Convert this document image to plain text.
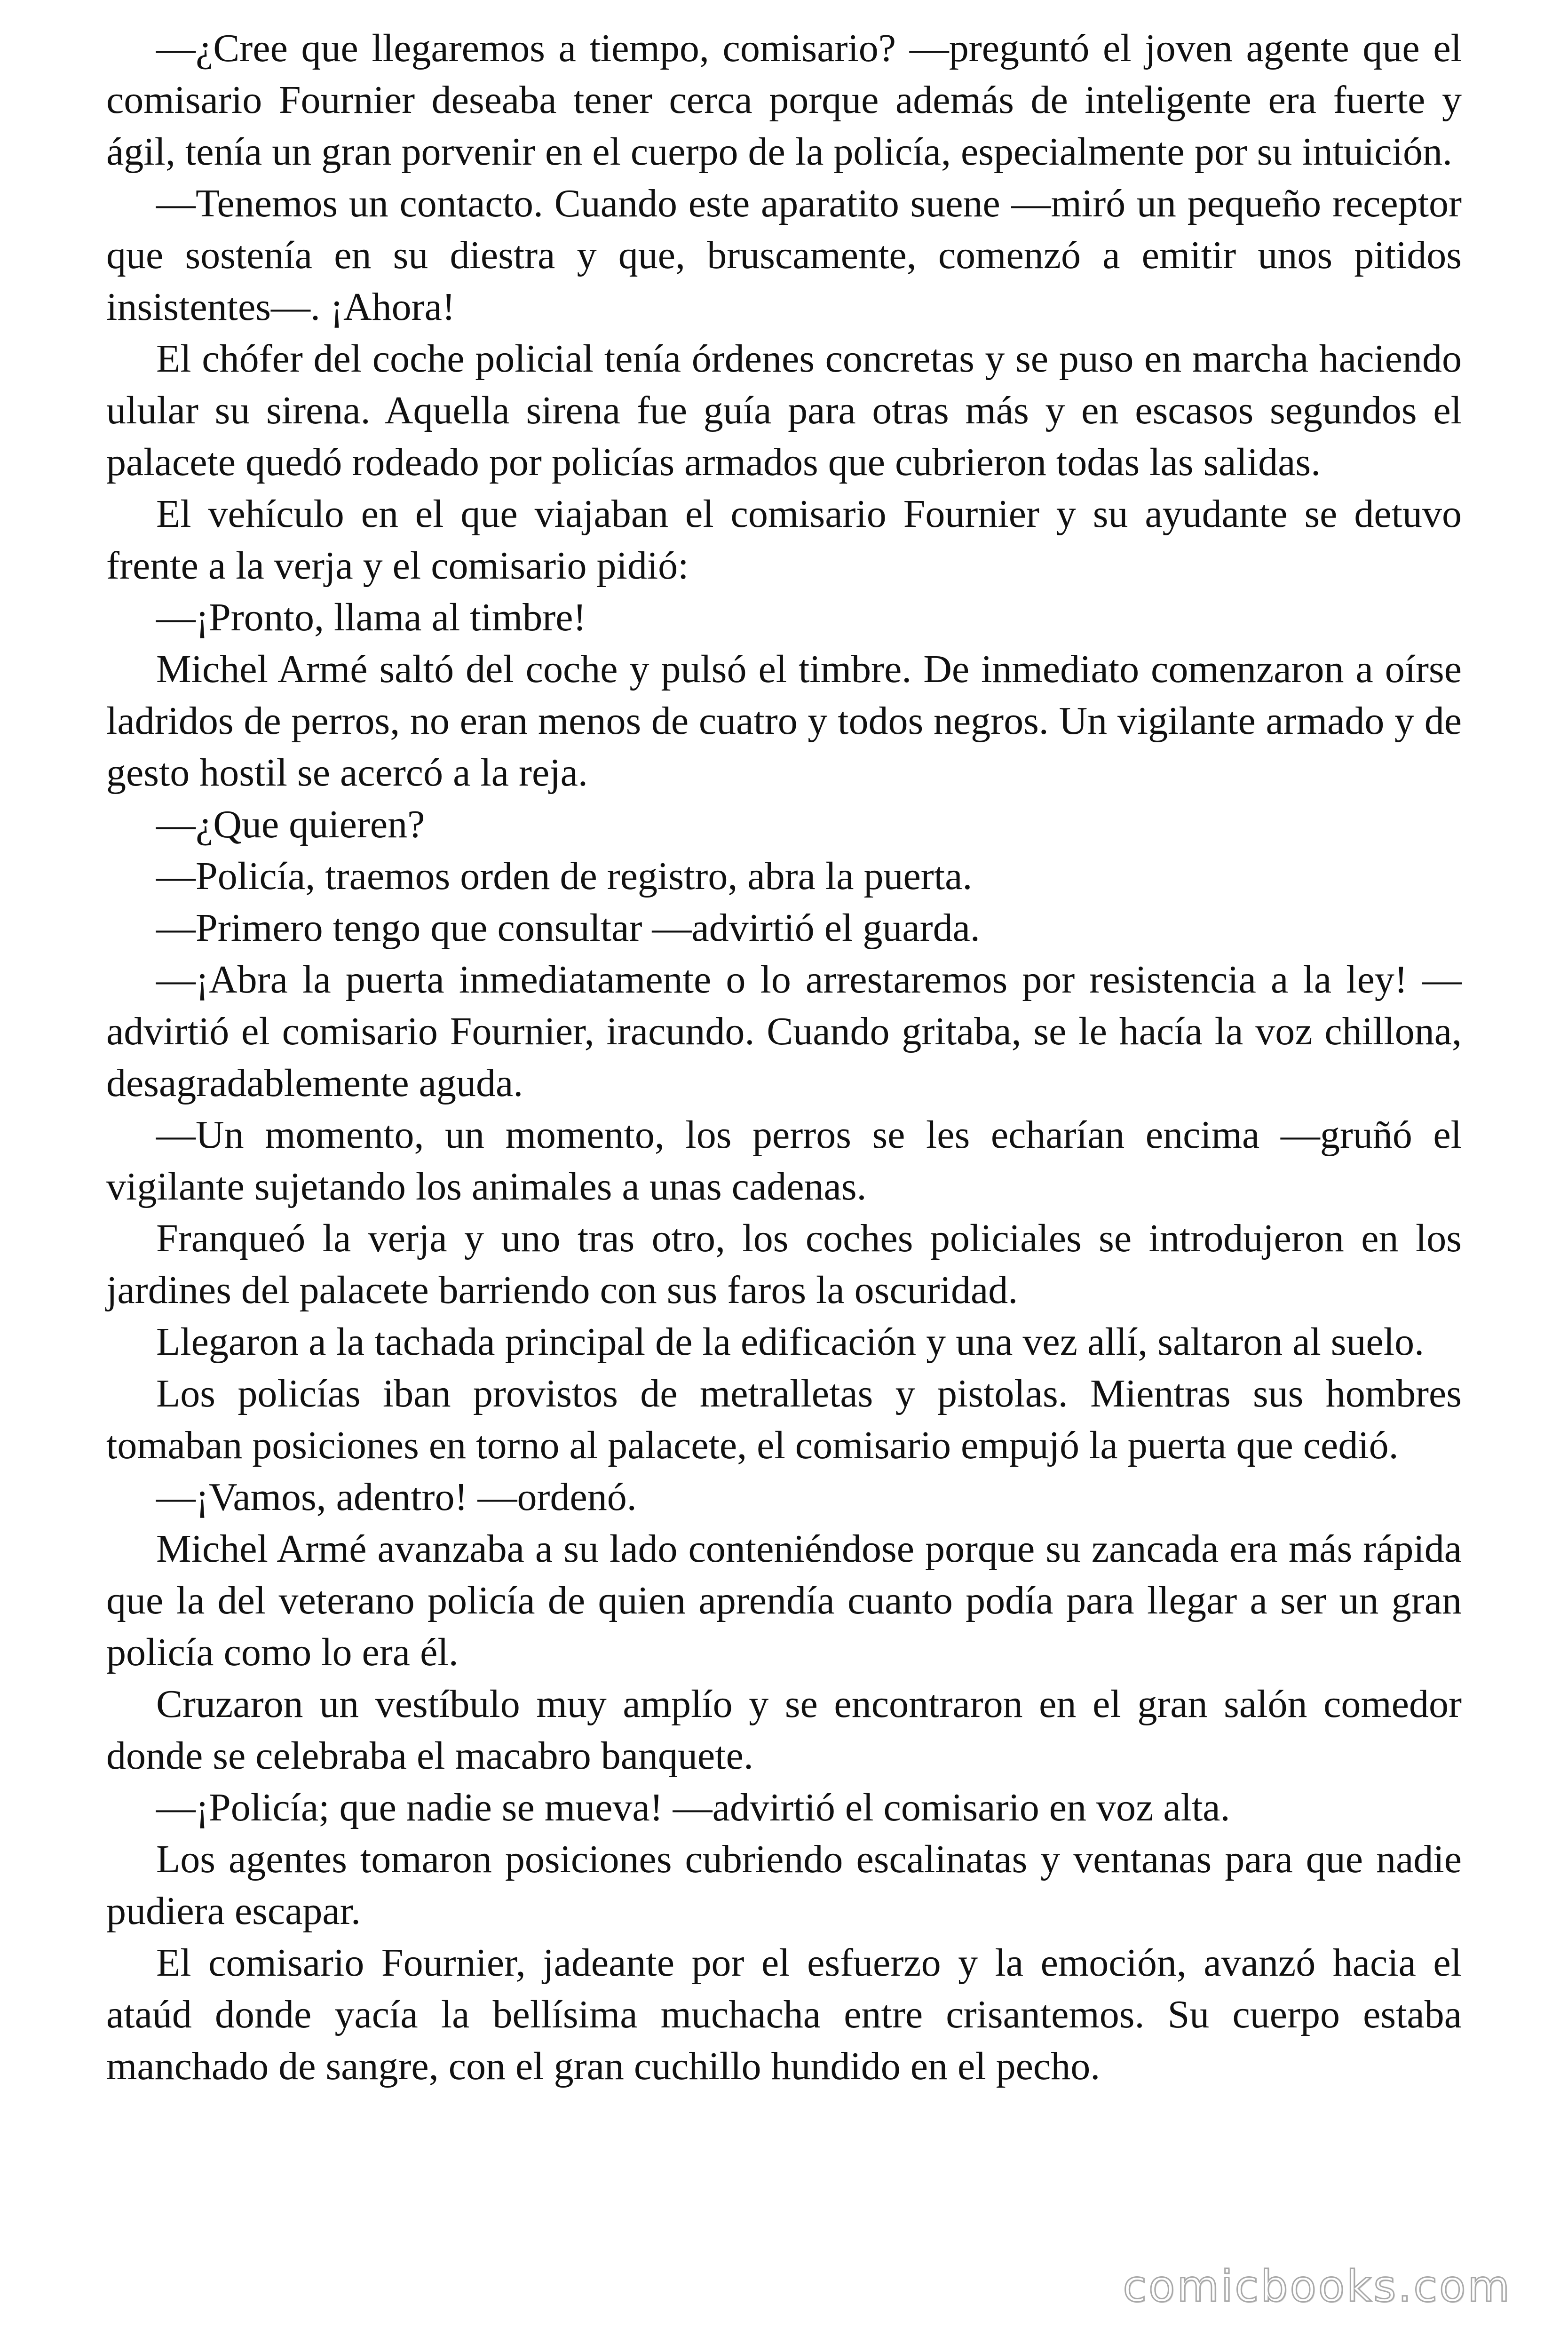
—¿Cree que llegaremos a tiempo, comisario? —preguntó el joven agente que el comisario Fournier deseaba tener cerca porque además de inteligente era fuerte y ágil, tenía un gran porvenir en el cuerpo de la policía, especialmente por su intuición.

—Tenemos un contacto. Cuando este aparatito suene —miró un pequeño receptor que sostenía en su diestra y que, bruscamente, comenzó a emitir unos pitidos insistentes—. ¡Ahora!

El chófer del coche policial tenía órdenes concretas y se puso en marcha haciendo ulular su sirena. Aquella sirena fue guía para otras más y en escasos segundos el palacete quedó rodeado por policías armados que cubrieron todas las salidas.

El vehículo en el que viajaban el comisario Fournier y su ayudante se detuvo frente a la verja y el comisario pidió:

—¡Pronto, llama al timbre!

Michel Armé saltó del coche y pulsó el timbre. De inmediato comenzaron a oírse ladridos de perros, no eran menos de cuatro y todos negros. Un vigilante armado y de gesto hostil se acercó a la reja.

—¿Que quieren?

—Policía, traemos orden de registro, abra la puerta.

—Primero tengo que consultar —advirtió el guarda.

—¡Abra la puerta inmediatamente o lo arrestaremos por resistencia a la ley! —advirtió el comisario Fournier, iracundo. Cuando gritaba, se le hacía la voz chillona, desagradablemente aguda.

—Un momento, un momento, los perros se les echarían encima —gruñó el vigilante sujetando los animales a unas cadenas.

Franqueó la verja y uno tras otro, los coches policiales se introdujeron en los jardines del palacete barriendo con sus faros la oscuridad.

Llegaron a la tachada principal de la edificación y una vez allí, saltaron al suelo.

Los policías iban provistos de metralletas y pistolas. Mientras sus hombres tomaban posiciones en torno al palacete, el comisario empujó la puerta que cedió.

—¡Vamos, adentro! —ordenó.

Michel Armé avanzaba a su lado conteniéndose porque su zancada era más rápida que la del veterano policía de quien aprendía cuanto podía para llegar a ser un gran policía como lo era él.

Cruzaron un vestíbulo muy amplío y se encontraron en el gran salón comedor donde se celebraba el macabro banquete.

—¡Policía; que nadie se mueva! —advirtió el comisario en voz alta.

Los agentes tomaron posiciones cubriendo escalinatas y ventanas para que nadie pudiera escapar.

El comisario Fournier, jadeante por el esfuerzo y la emoción, avanzó hacia el ataúd donde yacía la bellísima muchacha entre crisantemos. Su cuerpo estaba manchado de sangre, con el gran cuchillo hundido en el pecho.

comicbooks.com
